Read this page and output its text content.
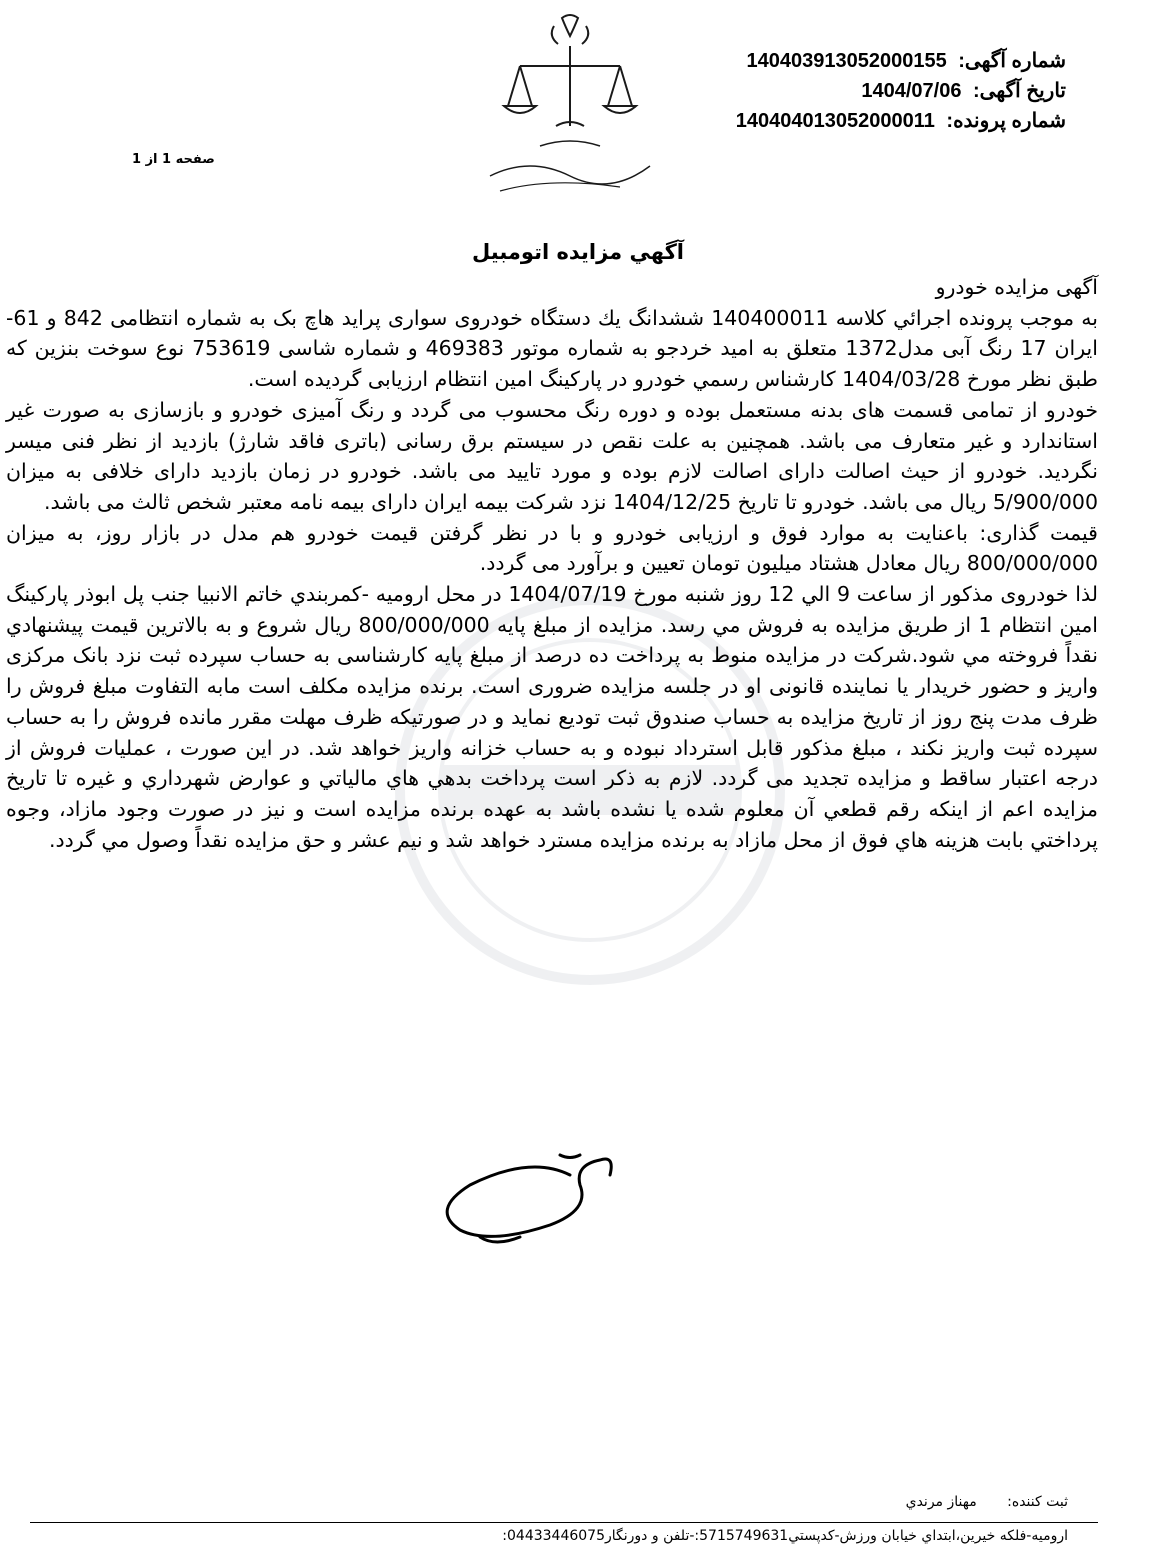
شماره آگهی: 140403913052000155
تاریخ آگهی: 1404/07/06
شماره پرونده: 140404013052000011
صفحه 1 از 1
آگهي مزايده اتومبيل

آگهی مزایده خودرو

به موجب پرونده اجرائي كلاسه 140400011 ششدانگ يك دستگاه خودروی سواری پراید هاچ بک به شماره انتظامی 842 و 61-ایران 17 رنگ آبی مدل1372 متعلق به امید خردجو به شماره موتور 469383 و شماره شاسی 753619 نوع سوخت بنزین که طبق نظر مورخ 1404/03/28 کارشناس رسمي خودرو در پارکینگ امین انتظام ارزیابی گردیده است.

خودرو از تمامی قسمت های بدنه مستعمل بوده و دوره رنگ محسوب می گردد و رنگ آمیزی خودرو و بازسازی به صورت غیر استاندارد و غیر متعارف می باشد. همچنین به علت نقص در سیستم برق رسانی (باتری فاقد شارژ) بازدید از نظر فنی میسر نگردید. خودرو از حیث اصالت دارای اصالت لازم بوده و مورد تایید می باشد. خودرو در زمان بازدید دارای خلافی به میزان 5/900/000 ریال می باشد. خودرو تا تاریخ 1404/12/25 نزد شرکت بیمه ایران دارای بیمه نامه معتبر شخص ثالث می باشد.

قیمت گذاری: باعنایت به موارد فوق و ارزیابی خودرو و با در نظر گرفتن قیمت خودرو هم مدل در بازار روز، به میزان 800/000/000 ریال معادل هشتاد میلیون تومان تعیین و برآورد می گردد.

لذا خودروی مذکور از ساعت 9 الي 12 روز شنبه مورخ 1404/07/19 در محل ارومیه -کمربندي خاتم الانبیا جنب پل ابوذر پارکینگ امین انتظام 1 از طريق مزايده به فروش مي رسد. مزايده از مبلغ پايه 800/000/000 ريال شروع و به بالاترين قيمت پيشنهادي نقداً فروخته مي شود.شرکت در مزایده منوط به پرداخت ده درصد از مبلغ پایه کارشناسی به حساب سپرده ثبت نزد بانک مرکزی واریز و حضور خریدار یا نماینده قانونی او در جلسه مزایده ضروری است. برنده مزایده مکلف است مابه التفاوت مبلغ فروش را ظرف مدت پنج روز از تاریخ مزایده به حساب صندوق ثبت تودیع نماید و در صورتیکه ظرف مهلت مقرر مانده فروش را به حساب سپرده ثبت واریز نکند ، مبلغ مذکور قابل استرداد نبوده و به حساب خزانه واریز خواهد شد. در این صورت ، عملیات فروش از درجه اعتبار ساقط و مزایده تجدید می گردد. لازم به ذکر است پرداخت بدهي هاي مالياتي و عوارض شهرداري و غيره تا تاريخ مزايده اعم از اينکه رقم قطعي آن معلوم شده يا نشده باشد به عهده برنده مزايده است و نيز در صورت وجود مازاد، وجوه پرداختي بابت هزينه هاي فوق از محل مازاد به برنده مزايده مسترد خواهد شد و نيم عشر و حق مزايده نقداً وصول مي گردد.

ثبت کننده: مهناز مرندي
اروميه-فلکه خيرين،ابتداي خيابان ورزش-کدپستي5715749631:-تلفن و دورنگار04433446075:
